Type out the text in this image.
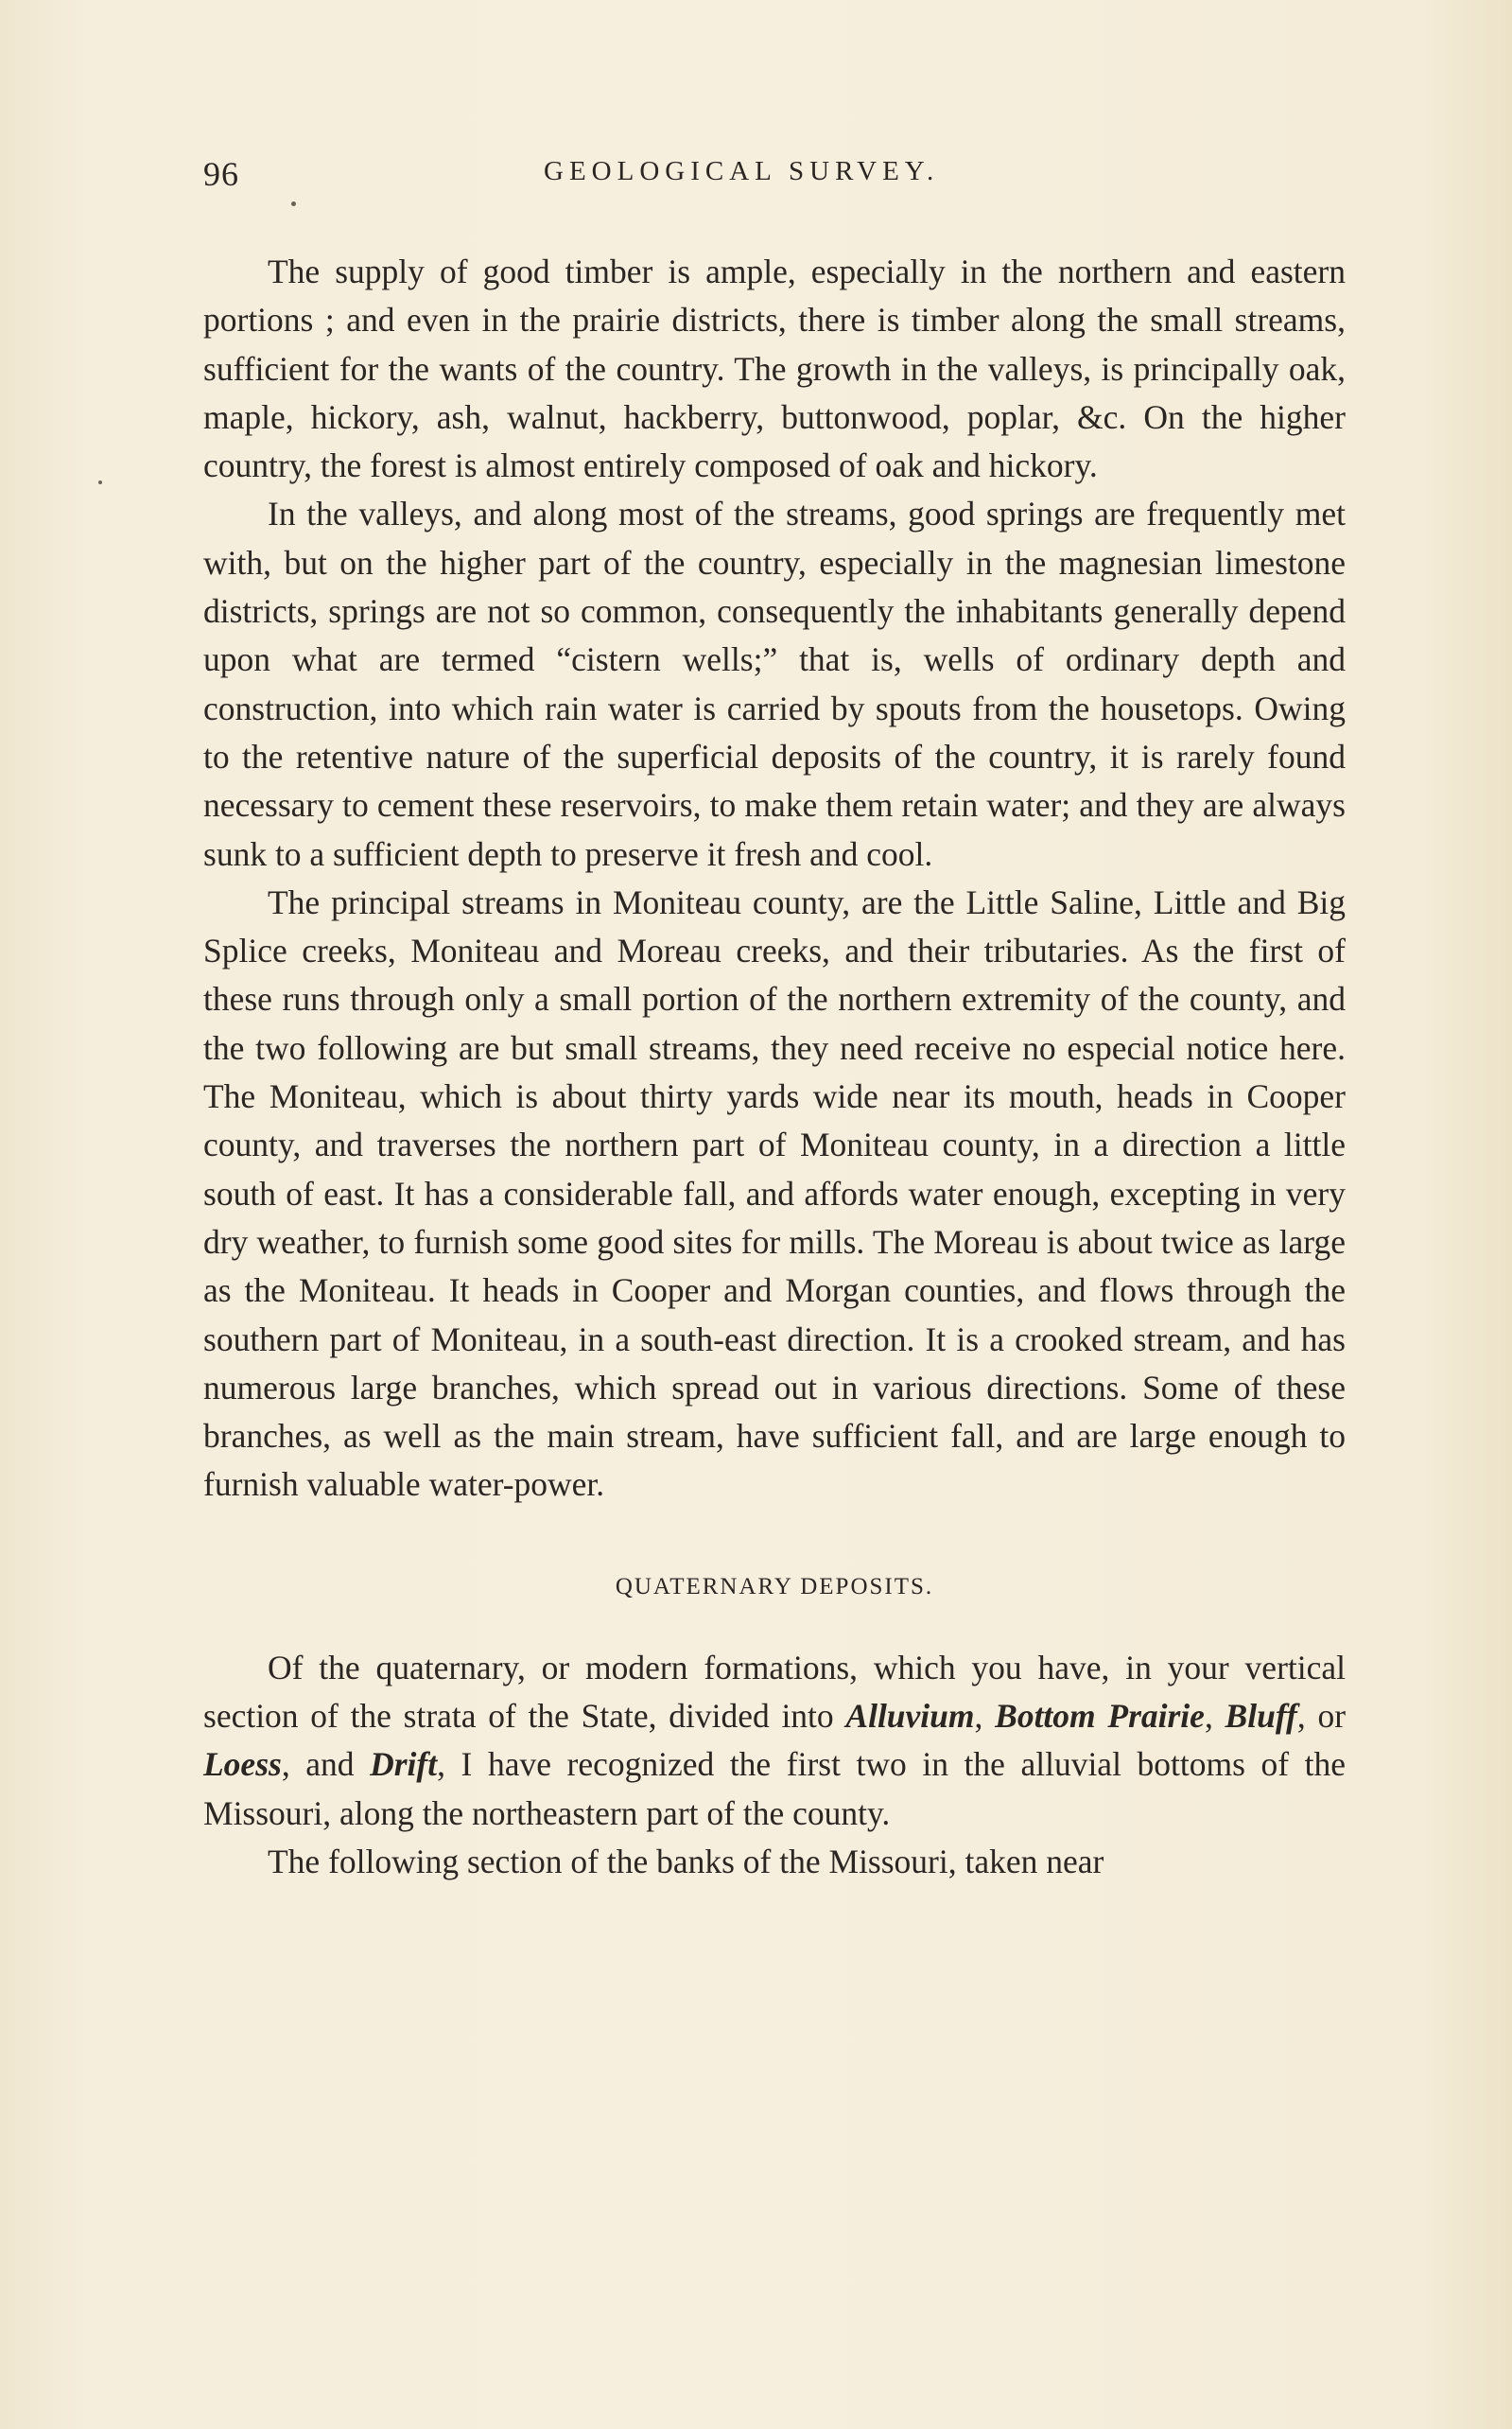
96	GEOLOGICAL SURVEY.

The supply of good timber is ample, especially in the northern and eastern portions ; and even in the prairie districts, there is timber along the small streams, sufficient for the wants of the country. The growth in the valleys, is principally oak, maple, hickory, ash, walnut, hackberry, buttonwood, poplar, &c. On the higher country, the forest is almost entirely composed of oak and hickory.

In the valleys, and along most of the streams, good springs are frequently met with, but on the higher part of the country, especially in the magnesian limestone districts, springs are not so common, consequently the inhabitants generally depend upon what are termed “cistern wells;” that is, wells of ordinary depth and construction, into which rain water is carried by spouts from the housetops. Owing to the retentive nature of the superficial deposits of the country, it is rarely found necessary to cement these reservoirs, to make them retain water; and they are always sunk to a sufficient depth to preserve it fresh and cool.

The principal streams in Moniteau county, are the Little Saline, Little and Big Splice creeks, Moniteau and Moreau creeks, and their tributaries. As the first of these runs through only a small portion of the northern extremity of the county, and the two following are but small streams, they need receive no especial notice here. The Moniteau, which is about thirty yards wide near its mouth, heads in Cooper county, and traverses the northern part of Moniteau county, in a direction a little south of east. It has a considerable fall, and affords water enough, excepting in very dry weather, to furnish some good sites for mills. The Moreau is about twice as large as the Moniteau. It heads in Cooper and Morgan counties, and flows through the southern part of Moniteau, in a south-east direction. It is a crooked stream, and has numerous large branches, which spread out in various directions. Some of these branches, as well as the main stream, have sufficient fall, and are large enough to furnish valuable water-power.

QUATERNARY DEPOSITS.

Of the quaternary, or modern formations, which you have, in your vertical section of the strata of the State, divided into Alluvium, Bottom Prairie, Bluff, or Loess, and Drift, I have recognized the first two in the alluvial bottoms of the Missouri, along the northeastern part of the county.

The following section of the banks of the Missouri, taken near
